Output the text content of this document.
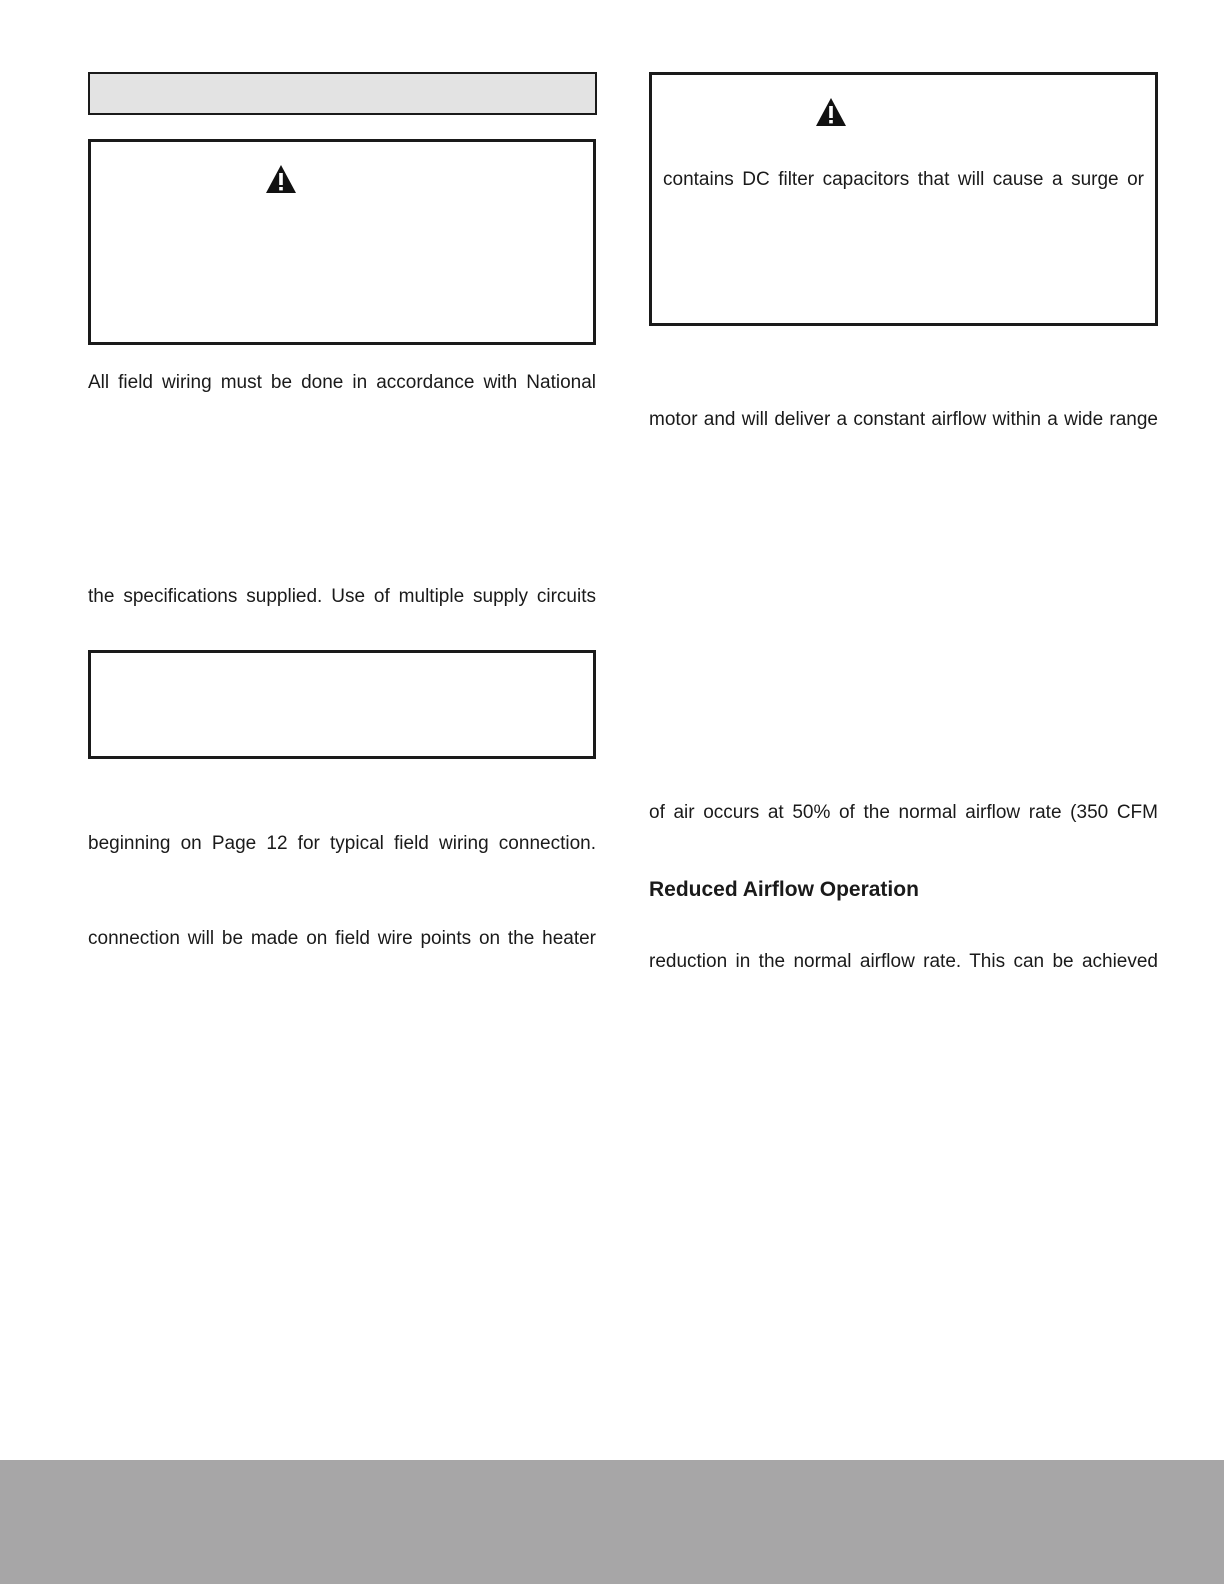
All field wiring must be done in accordance with National
the specifications supplied. Use of multiple supply circuits
beginning on Page 12 for typical field wiring connection.
connection will be made on field wire points on the heater
contains DC filter capacitors that will cause a surge or
motor and will deliver a constant airflow within a wide range
of air occurs at 50% of the normal airflow rate (350 CFM
Reduced Airflow Operation
reduction in the normal airflow rate. This can be achieved
